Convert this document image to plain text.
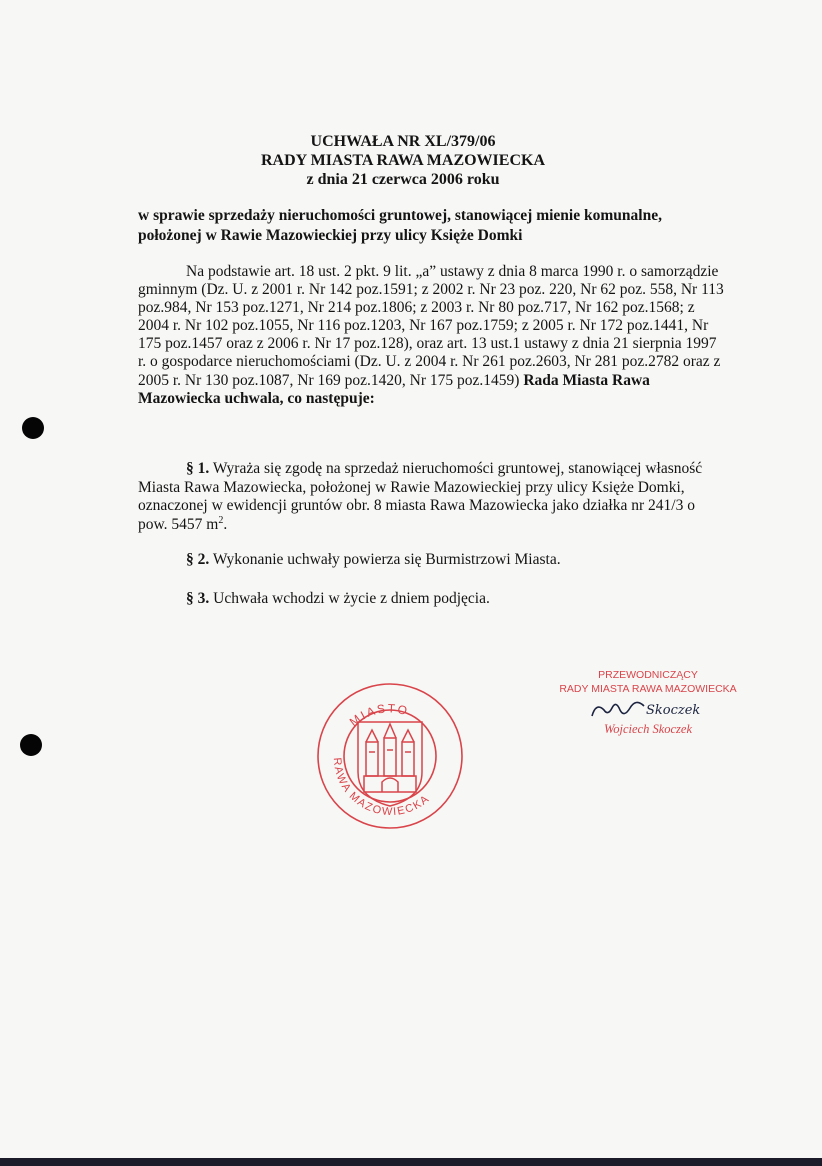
UCHWAŁA NR XL/379/06
RADY MIASTA RAWA MAZOWIECKA
z dnia 21 czerwca 2006 roku
w sprawie sprzedaży nieruchomości gruntowej, stanowiącej mienie komunalne,
położonej w Rawie Mazowieckiej przy ulicy Księże Domki

Na podstawie art. 18 ust. 2 pkt. 9 lit. „a” ustawy z dnia 8 marca 1990 r. o samorządzie gminnym (Dz. U. z 2001 r. Nr 142 poz.1591; z 2002 r. Nr 23 poz. 220, Nr 62 poz. 558, Nr 113 poz.984, Nr 153 poz.1271, Nr 214 poz.1806; z 2003 r. Nr 80 poz.717, Nr 162 poz.1568; z 2004 r. Nr 102 poz.1055, Nr 116 poz.1203, Nr 167 poz.1759; z 2005 r. Nr 172 poz.1441, Nr 175 poz.1457 oraz z 2006 r. Nr 17 poz.128), oraz art. 13 ust.1 ustawy z dnia 21 sierpnia 1997 r. o gospodarce nieruchomościami (Dz. U. z 2004 r. Nr 261 poz.2603, Nr 281 poz.2782 oraz z 2005 r. Nr 130 poz.1087, Nr 169 poz.1420, Nr 175 poz.1459) Rada Miasta Rawa Mazowiecka uchwala, co następuje:

§ 1. Wyraża się zgodę na sprzedaż nieruchomości gruntowej, stanowiącej własność Miasta Rawa Mazowiecka, położonej w Rawie Mazowieckiej przy ulicy Księże Domki, oznaczonej w ewidencji gruntów obr. 8 miasta Rawa Mazowiecka jako działka nr 241/3 o pow. 5457 $m^2$.
§ 2. Wykonanie uchwały powierza się Burmistrzowi Miasta.
§ 3. Uchwała wchodzi w życie z dniem podjęcia.
MIASTO
RAWA MAZOWIECKA
PRZEWODNICZĄCY
RADY MIASTA RAWA MAZOWIECKA
Skoczek
Wojciech Skoczek
